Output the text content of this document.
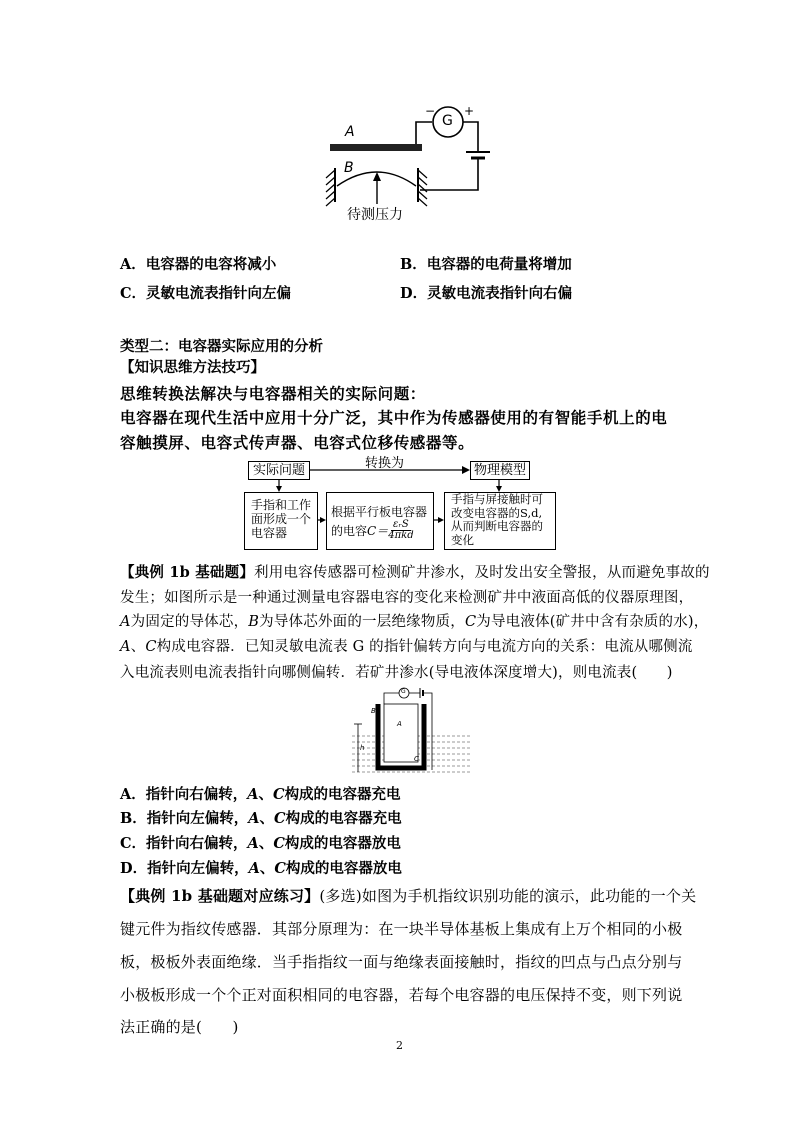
A
B
G
− +
待测压力
A．电容器的电容将减小	B．电容器的电荷量将增加
C．灵敏电流表指针向左偏	D．灵敏电流表指针向右偏
类型二：电容器实际应用的分析
【知识思维方法技巧】
思维转换法解决与电容器相关的实际问题：
电容器在现代生活中应用十分广泛，其中作为传感器使用的有智能手机上的电
容触摸屏、电容式传声器、电容式位移传感器等。
实际问题	转换为	物理模型
手指和工作
面形成一个
电容器
根据平行板电容器
的电容 C＝ εᵣS
4πkd
手指与屏接触时可
改变电容器的S,d,
从而判断电容器的
变化
【典例 1b 基础题】利用电容传感器可检测矿井渗水，及时发出安全警报，从而避免事故的
发生；如图所示是一种通过测量电容器电容的变化来检测矿井中液面高低的仪器原理图，
A为固定的导体芯，B为导体芯外面的一层绝缘物质，C为导电液体(矿井中含有杂质的水)，
A、C构成电容器．已知灵敏电流表 G 的指针偏转方向与电流方向的关系：电流从哪侧流
入电流表则电流表指针向哪侧偏转．若矿井渗水(导电液体深度增大)，则电流表(　　)
G
A
B
C
h
A．指针向右偏转，A、C构成的电容器充电
B．指针向左偏转，A、C构成的电容器充电
C．指针向右偏转，A、C构成的电容器放电
D．指针向左偏转，A、C构成的电容器放电
【典例 1b 基础题对应练习】(多选)如图为手机指纹识别功能的演示，此功能的一个关
键元件为指纹传感器．其部分原理为：在一块半导体基板上集成有上万个相同的小极
板，极板外表面绝缘．当手指指纹一面与绝缘表面接触时，指纹的凹点与凸点分别与
小极板形成一个个正对面积相同的电容器，若每个电容器的电压保持不变，则下列说
法正确的是(　　)
2
